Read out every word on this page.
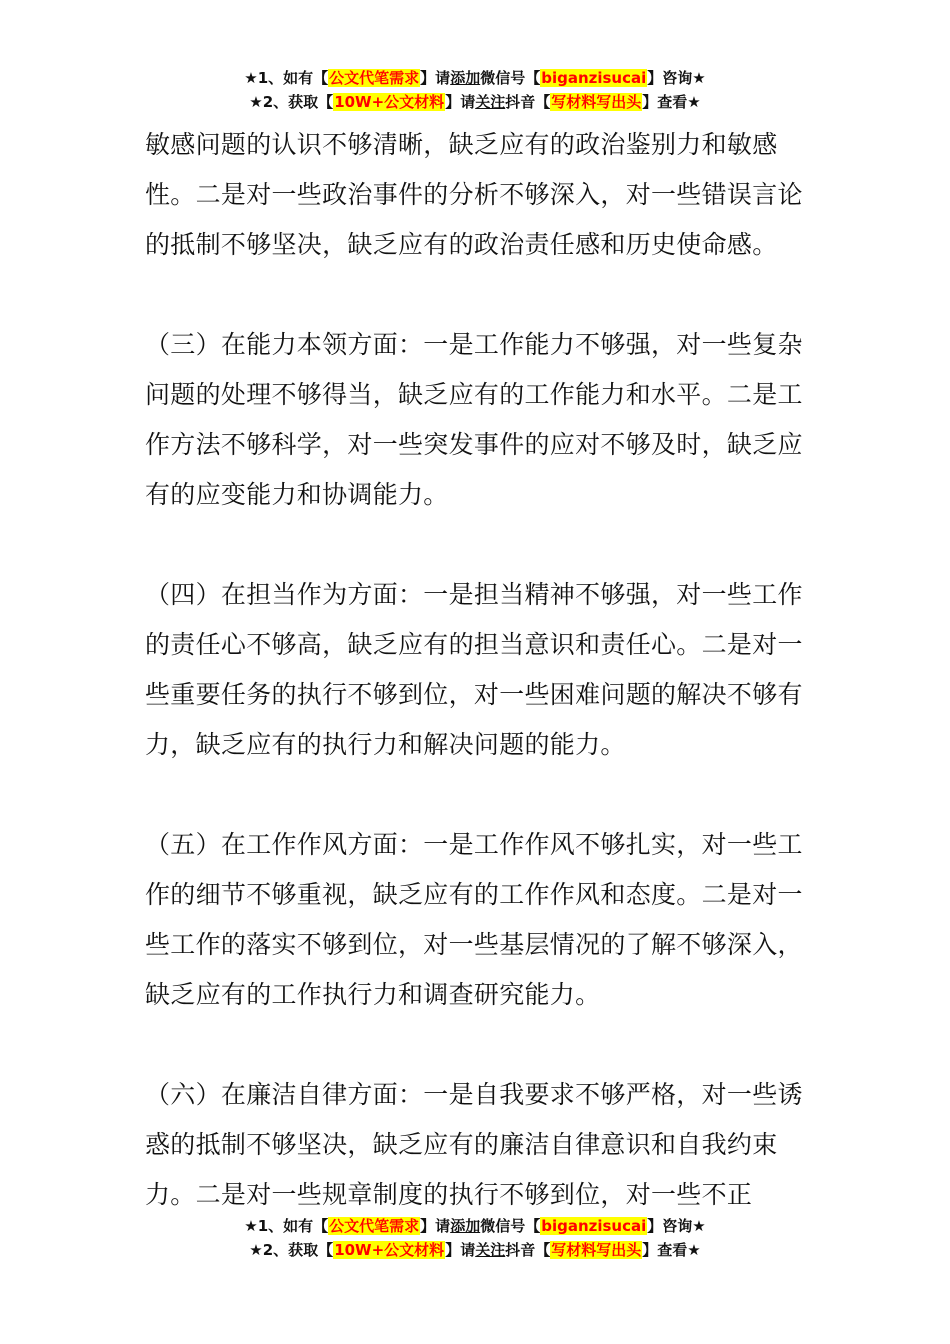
★1、如有【公文代笔需求】请添加微信号【biganzisucai】咨询★
★2、获取【10W+公文材料】请关注抖音【写材料写出头】查看★

敏感问题的认识不够清晰，缺乏应有的政治鉴别力和敏感性。二是对一些政治事件的分析不够深入，对一些错误言论的抵制不够坚决，缺乏应有的政治责任感和历史使命感。

（三）在能力本领方面：一是工作能力不够强，对一些复杂问题的处理不够得当，缺乏应有的工作能力和水平。二是工作方法不够科学，对一些突发事件的应对不够及时，缺乏应有的应变能力和协调能力。

（四）在担当作为方面：一是担当精神不够强，对一些工作的责任心不够高，缺乏应有的担当意识和责任心。二是对一些重要任务的执行不够到位，对一些困难问题的解决不够有力，缺乏应有的执行力和解决问题的能力。

（五）在工作作风方面：一是工作作风不够扎实，对一些工作的细节不够重视，缺乏应有的工作作风和态度。二是对一些工作的落实不够到位，对一些基层情况的了解不够深入，缺乏应有的工作执行力和调查研究能力。

（六）在廉洁自律方面：一是自我要求不够严格，对一些诱惑的抵制不够坚决，缺乏应有的廉洁自律意识和自我约束力。二是对一些规章制度的执行不够到位，对一些不正

★1、如有【公文代笔需求】请添加微信号【biganzisucai】咨询★
★2、获取【10W+公文材料】请关注抖音【写材料写出头】查看★
